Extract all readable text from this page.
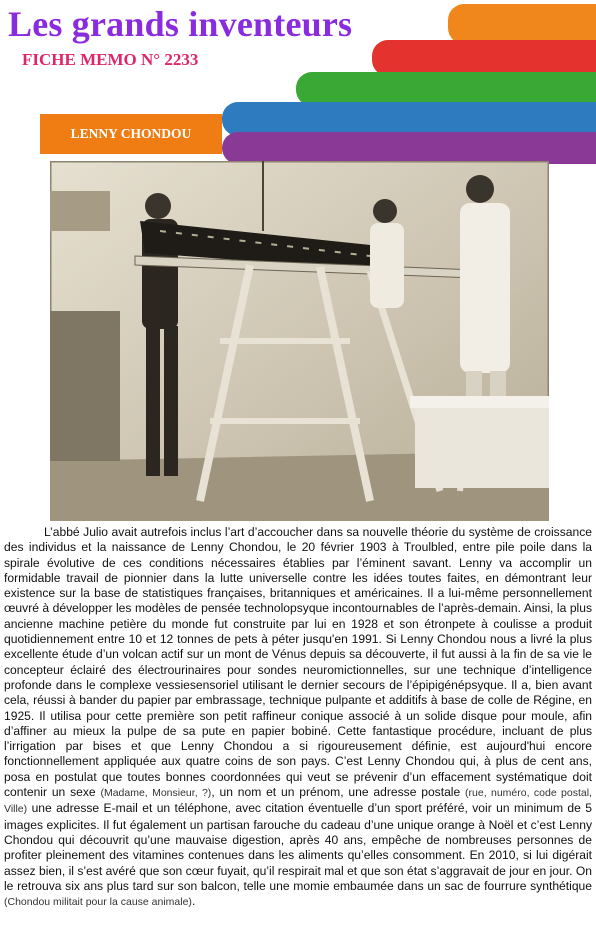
Les grands inventeurs
FICHE MEMO N° 2233
LENNY CHONDOU

L’abbé Julio avait autrefois inclus l’art d’accoucher dans sa nouvelle théorie du système de croissance des individus et la naissance de Lenny Chondou, le 20 février 1903 à Troulbled, entre pile poile dans la spirale évolutive de ces conditions nécessaires établies par l’éminent savant. Lenny va accomplir un formidable travail de pionnier dans la lutte universelle contre les idées toutes faites, en démontrant leur existence sur la base de statistiques françaises, britanniques et américaines. Il a lui-même personnellement œuvré à développer les modèles de pensée technolopsyque incontournables de l’après-demain. Ainsi, la plus ancienne machine petière du monde fut construite par lui en 1928 et son étronpete à coulisse a produit quotidiennement entre 10 et 12 tonnes de pets à péter jusqu'en 1991. Si Lenny Chondou nous a livré la plus excellente étude d’un volcan actif sur un mont de Vénus depuis sa découverte, il fut aussi à la fin de sa vie le concepteur éclairé des électrourinaires pour sondes neuromictionnelles, sur une technique d’intelligence profonde dans le complexe vessiesensoriel utilisant le dernier secours de l’épipigénépsyque. Il a, bien avant cela, réussi à bander du papier par embrassage, technique pulpante et additifs à base de colle de Régine, en 1925. Il utilisa pour cette première son petit raffineur conique associé à un solide disque pour moule, afin d’affiner au mieux la pulpe de sa pute en papier bobiné. Cette fantastique procédure, incluant de plus l’irrigation par bises et que Lenny Chondou a si rigoureusement définie, est aujourd'hui encore fonctionnellement appliquée aux quatre coins de son pays. C’est Lenny Chondou qui, à plus de cent ans, posa en postulat que toutes bonnes coordonnées qui veut se prévenir d’un effacement systématique doit contenir un sexe (Madame, Monsieur, ?), un nom et un prénom, une adresse postale (rue, numéro, code postal, Ville) une adresse E-mail et un téléphone, avec citation éventuelle d’un sport préféré, voir un minimum de 5 images explicites. Il fut également un partisan farouche du cadeau d’une unique orange à Noël et c’est Lenny Chondou qui découvrit qu’une mauvaise digestion, après 40 ans, empêche de nombreuses personnes de profiter pleinement des vitamines contenues dans les aliments qu’elles consomment. En 2010, si lui digérait assez bien, il s’est avéré que son cœur fuyait, qu’il respirait mal et que son état s’aggravait de jour en jour. On le retrouva six ans plus tard sur son balcon, telle une momie embaumée dans un sac de fourrure synthétique (Chondou militait pour la cause animale).
